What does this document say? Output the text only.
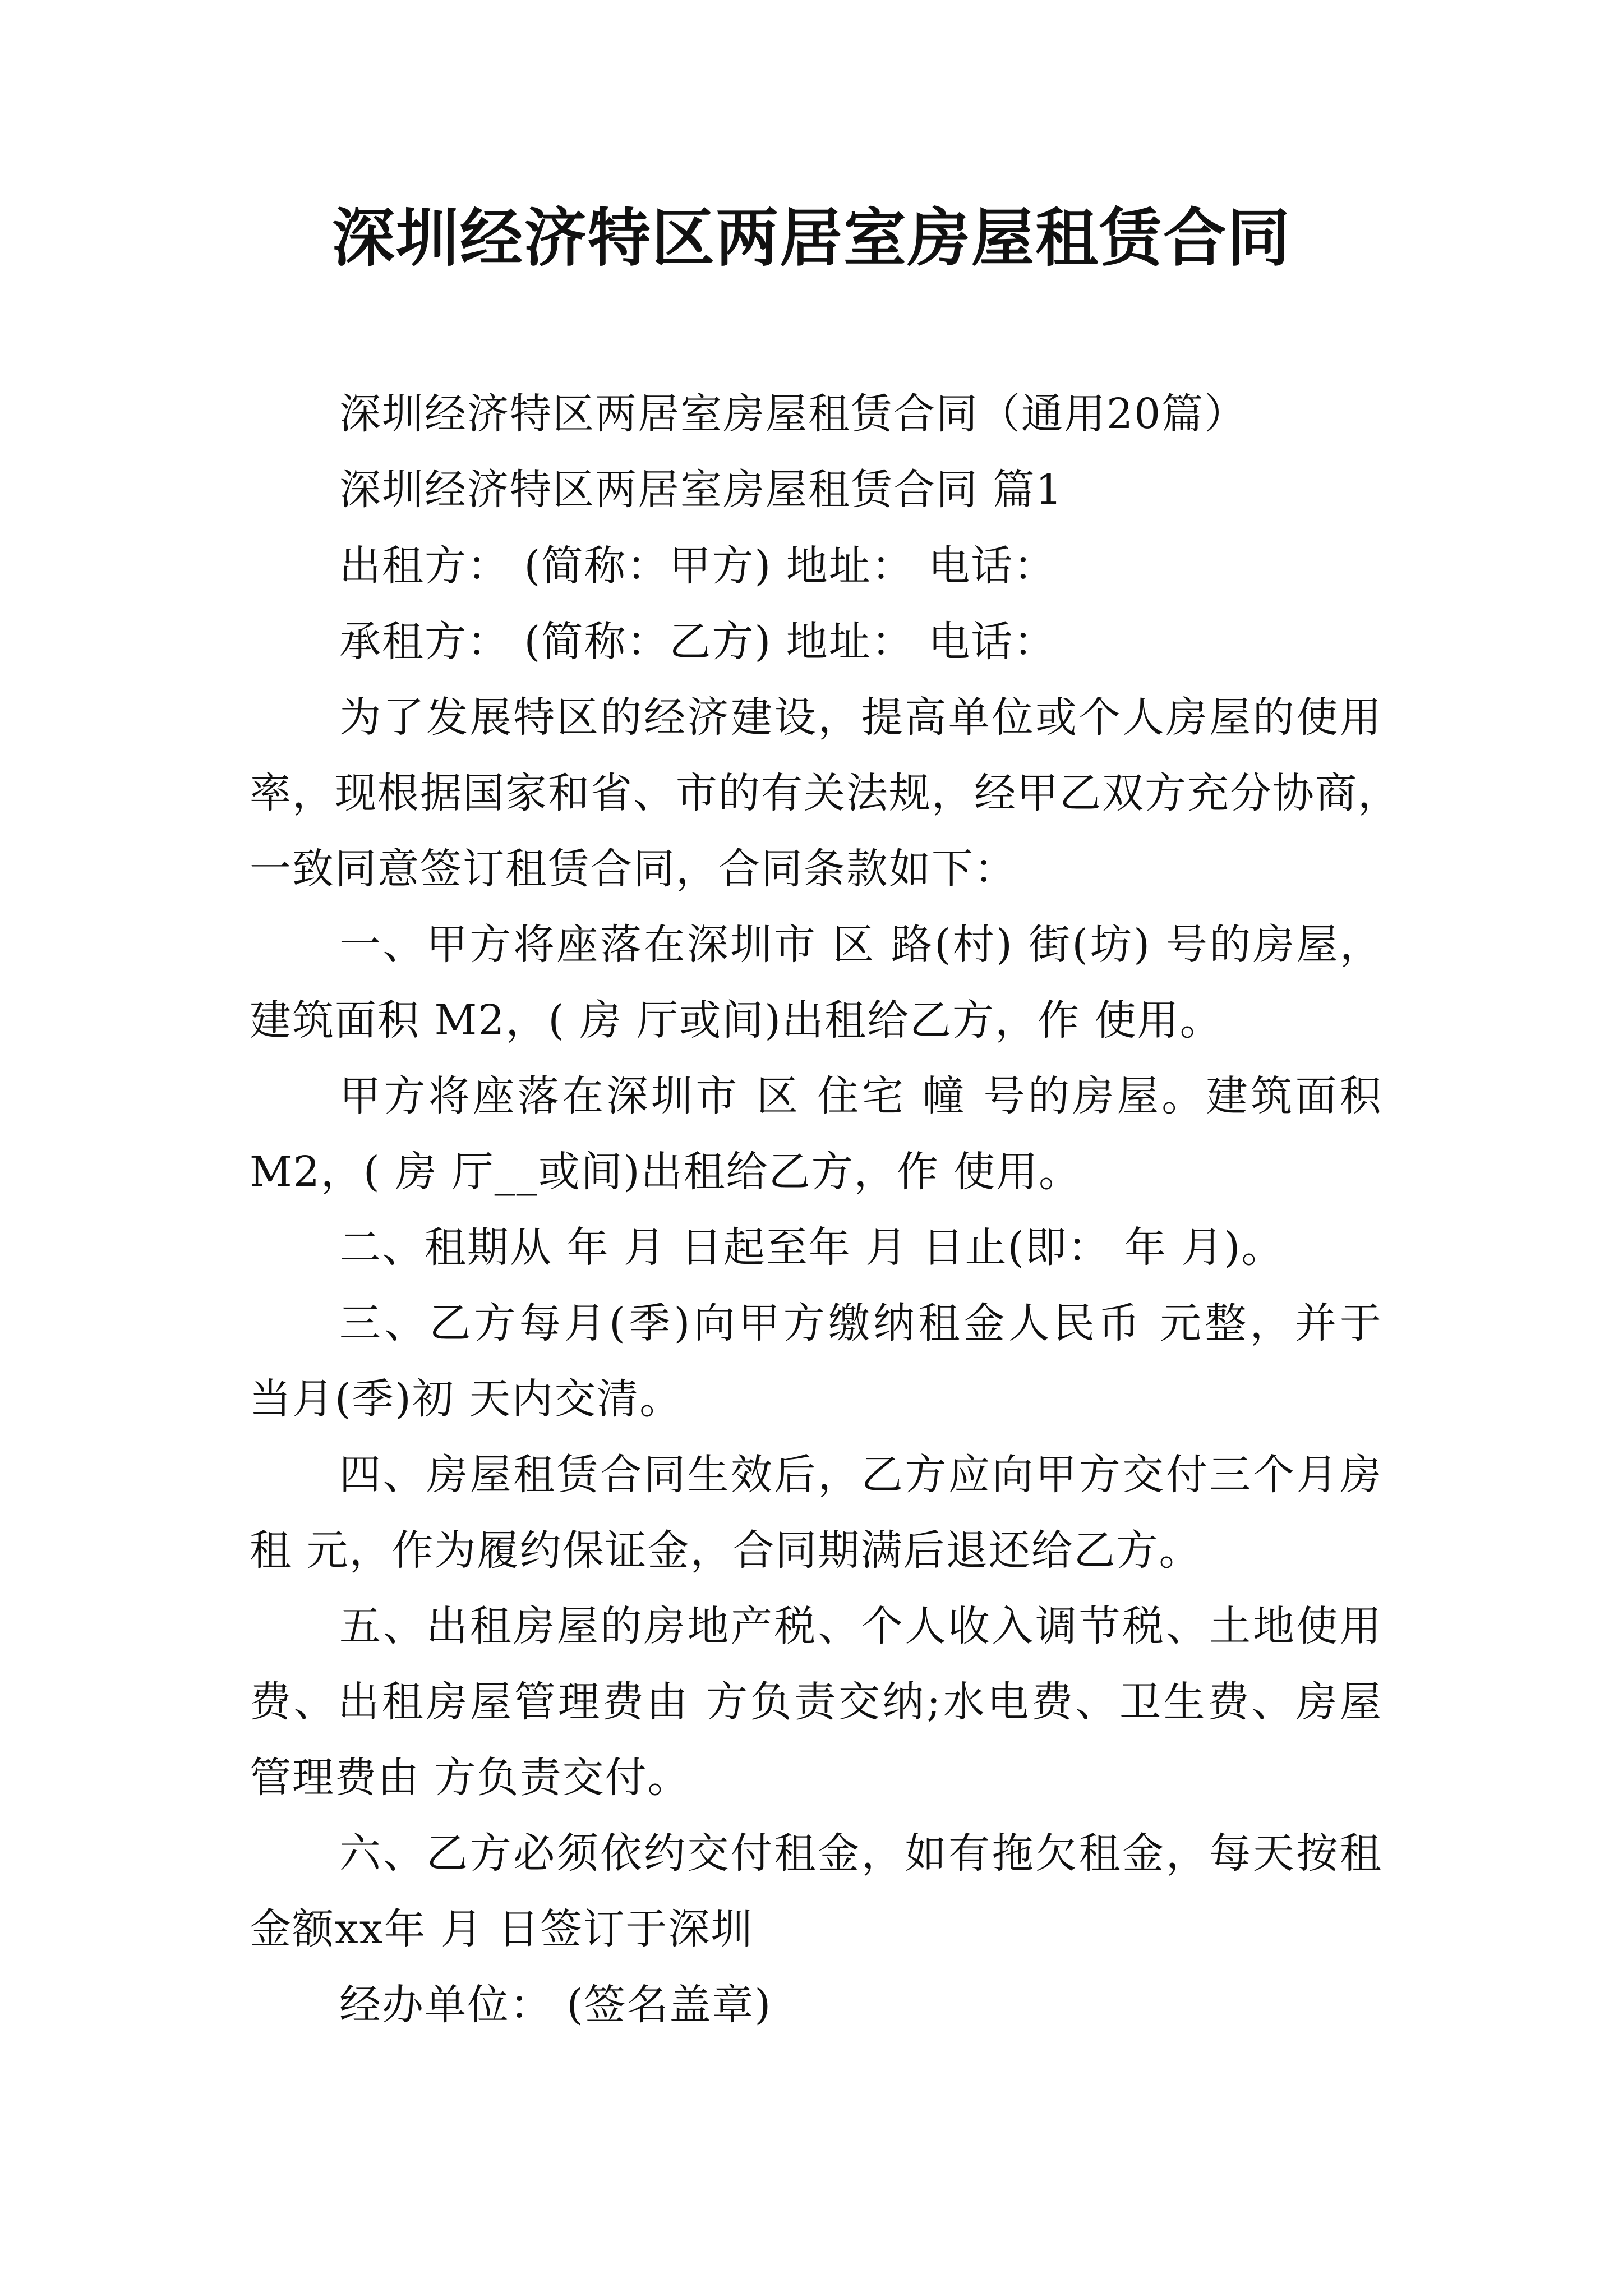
深圳经济特区两居室房屋租赁合同

深圳经济特区两居室房屋租赁合同（通用20篇）

深圳经济特区两居室房屋租赁合同 篇1

出租方： (简称：甲方) 地址： 电话：

承租方： (简称：乙方) 地址： 电话：

为了发展特区的经济建设，提高单位或个人房屋的使用

率，现根据国家和省、市的有关法规，经甲乙双方充分协商，

一致同意签订租赁合同，合同条款如下：

一、甲方将座落在深圳市 区 路(村) 街(坊) 号的房屋，

建筑面积 M2，( 房 厅或间)出租给乙方，作 使用。

甲方将座落在深圳市 区 住宅 幢 号的房屋。建筑面积

M2，( 房 厅__或间)出租给乙方，作 使用。

二、租期从 年 月 日起至年 月 日止(即： 年 月)。

三、乙方每月(季)向甲方缴纳租金人民币 元整，并于

当月(季)初 天内交清。

四、房屋租赁合同生效后，乙方应向甲方交付三个月房

租 元，作为履约保证金，合同期满后退还给乙方。

五、出租房屋的房地产税、个人收入调节税、土地使用

费、出租房屋管理费由 方负责交纳;水电费、卫生费、房屋

管理费由 方负责交付。

六、乙方必须依约交付租金，如有拖欠租金，每天按租

金额xx年 月 日签订于深圳

经办单位： (签名盖章)
